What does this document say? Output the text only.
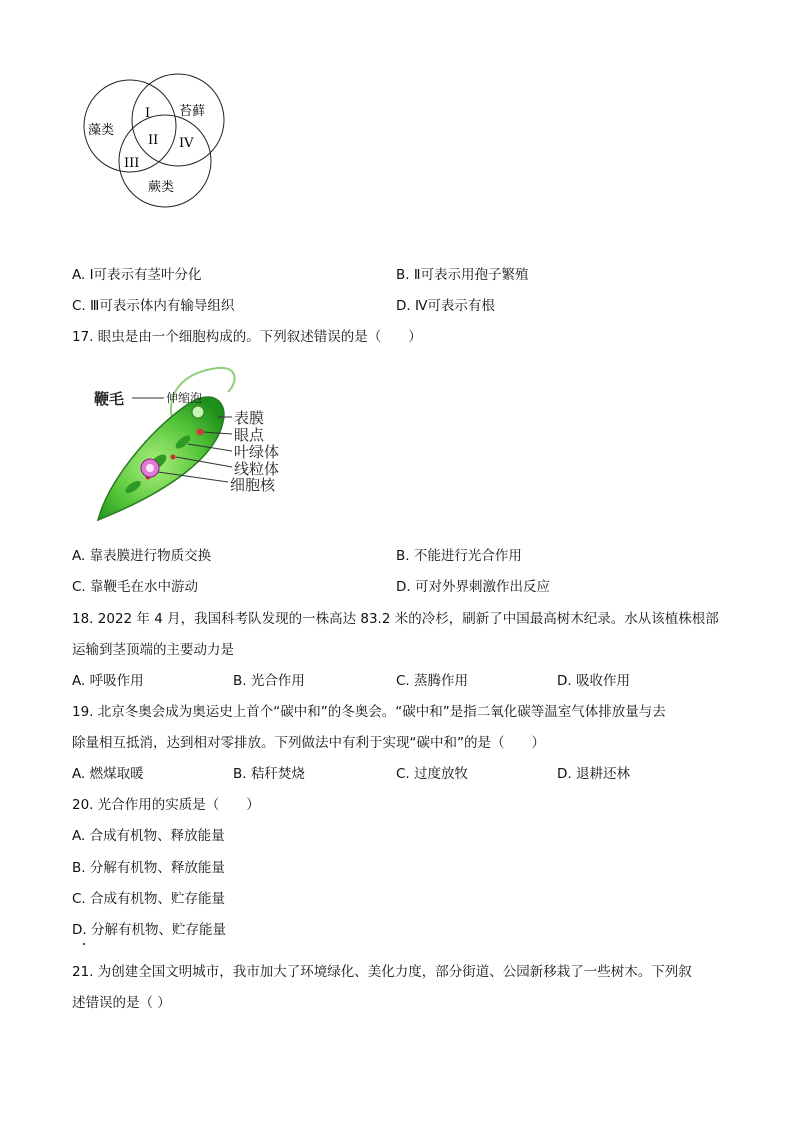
藻类
苔藓
蕨类
I
II
III
IV
A. Ⅰ可表示有茎叶分化	B. Ⅱ可表示用孢子繁殖
C. Ⅲ可表示体内有输导组织	D. Ⅳ可表示有根
17. 眼虫是由一个细胞构成的。下列叙述错误的是（　　）
鞭毛	伸缩泡
表膜
眼点
叶绿体
线粒体
细胞核
A. 靠表膜进行物质交换	B. 不能进行光合作用
C. 靠鞭毛在水中游动	D. 可对外界刺激作出反应
18. 2022 年 4 月，我国科考队发现的一株高达 83.2 米的冷杉，刷新了中国最高树木纪录。水从该植株根部
运输到茎顶端的主要动力是
A. 呼吸作用	B. 光合作用	C. 蒸腾作用	D. 吸收作用
19. 北京冬奥会成为奥运史上首个“碳中和”的冬奥会。“碳中和”是指二氧化碳等温室气体排放量与去
除量相互抵消，达到相对零排放。下列做法中有利于实现“碳中和”的是（　　）
A. 燃煤取暖	B. 秸秆焚烧	C. 过度放牧	D. 退耕还林
20. 光合作用的实质是（　　）
A. 合成有机物、释放能量
B. 分解有机物、释放能量
C. 合成有机物、贮存能量
D. 分解有机物、贮存能量
21. 为创建全国文明城市，我市加大了环境绿化、美化力度，部分街道、公园新移栽了一些树木。下列叙
述错误的是（ ）
